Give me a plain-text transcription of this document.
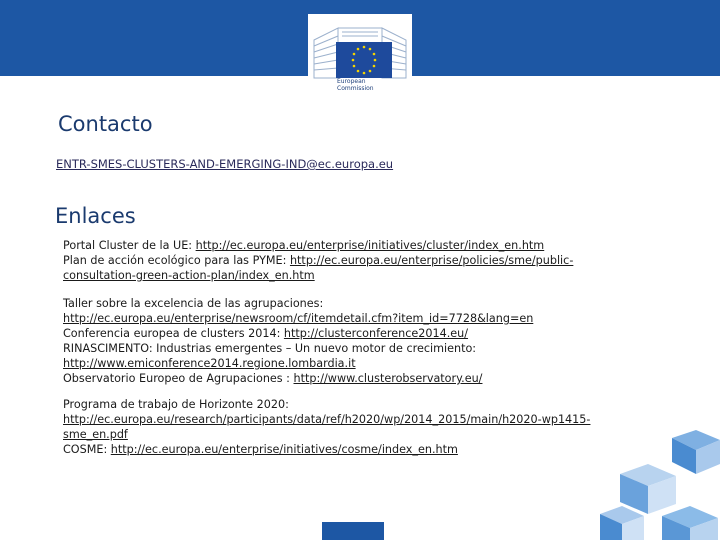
European
Commission
Contacto
ENTR-SMES-CLUSTERS-AND-EMERGING-IND@ec.europa.eu
Enlaces
Portal Cluster de la UE: http://ec.europa.eu/enterprise/initiatives/cluster/index_en.htm
Plan de acción ecológico para las PYME: http://ec.europa.eu/enterprise/policies/sme/public-
consultation-green-action-plan/index_en.htm
Taller sobre la excelencia de las agrupaciones:
http://ec.europa.eu/enterprise/newsroom/cf/itemdetail.cfm?item_id=7728&lang=en
Conferencia europea de clusters 2014: http://clusterconference2014.eu/
RINASCIMENTO: Industrias emergentes – Un nuevo motor de crecimiento:
http://www.emiconference2014.regione.lombardia.it
Observatorio Europeo de Agrupaciones : http://www.clusterobservatory.eu/
Programa de trabajo de Horizonte 2020:
http://ec.europa.eu/research/participants/data/ref/h2020/wp/2014_2015/main/h2020-wp1415-
sme_en.pdf
COSME: http://ec.europa.eu/enterprise/initiatives/cosme/index_en.htm
